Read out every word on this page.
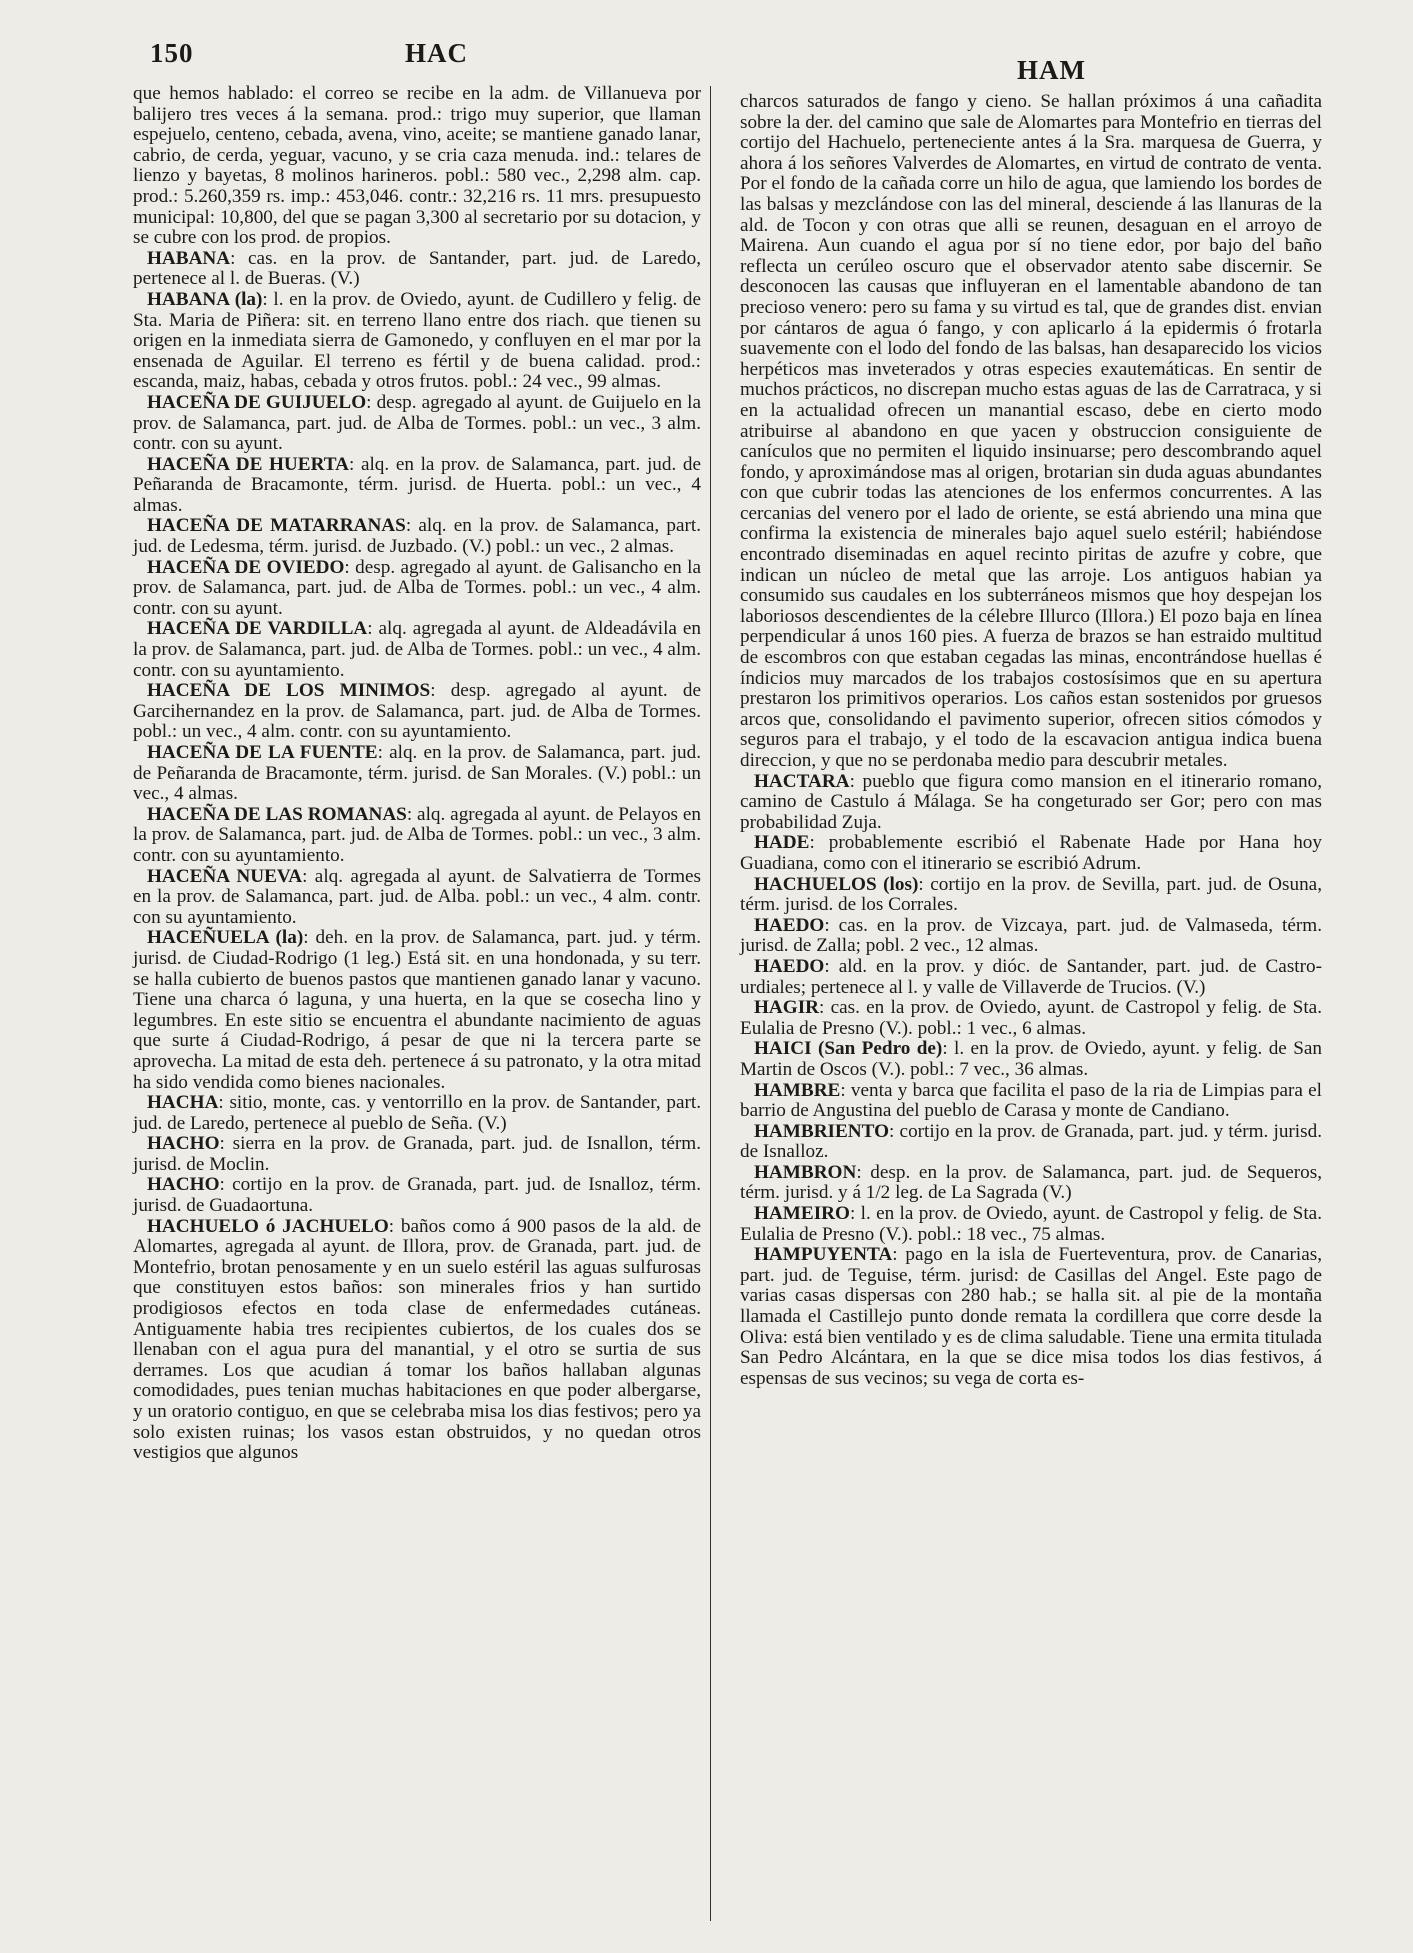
150	HAC
HAM

que hemos hablado: el correo se recibe en la adm. de Villanueva por balijero tres veces á la semana. prod.: trigo muy superior, que llaman espejuelo, centeno, cebada, avena, vino, aceite; se mantiene ganado lanar, cabrio, de cerda, yeguar, vacuno, y se cria caza menuda. ind.: telares de lienzo y bayetas, 8 molinos harineros. pobl.: 580 vec., 2,298 alm. cap. prod.: 5.260,359 rs. imp.: 453,046. contr.: 32,216 rs. 11 mrs. presupuesto municipal: 10,800, del que se pagan 3,300 al secretario por su dotacion, y se cubre con los prod. de propios.

HABANA: cas. en la prov. de Santander, part. jud. de Laredo, pertenece al l. de Bueras. (V.)

HABANA (la): l. en la prov. de Oviedo, ayunt. de Cudillero y felig. de Sta. Maria de Piñera: sit. en terreno llano entre dos riach. que tienen su origen en la inmediata sierra de Gamonedo, y confluyen en el mar por la ensenada de Aguilar. El terreno es fértil y de buena calidad. prod.: escanda, maiz, habas, cebada y otros frutos. pobl.: 24 vec., 99 almas.

HACEÑA DE GUIJUELO: desp. agregado al ayunt. de Guijuelo en la prov. de Salamanca, part. jud. de Alba de Tormes. pobl.: un vec., 3 alm. contr. con su ayunt.

HACEÑA DE HUERTA: alq. en la prov. de Salamanca, part. jud. de Peñaranda de Bracamonte, térm. jurisd. de Huerta. pobl.: un vec., 4 almas.

HACEÑA DE MATARRANAS: alq. en la prov. de Salamanca, part. jud. de Ledesma, térm. jurisd. de Juzbado. (V.) pobl.: un vec., 2 almas.

HACEÑA DE OVIEDO: desp. agregado al ayunt. de Galisancho en la prov. de Salamanca, part. jud. de Alba de Tormes. pobl.: un vec., 4 alm. contr. con su ayunt.

HACEÑA DE VARDILLA: alq. agregada al ayunt. de Aldeadávila en la prov. de Salamanca, part. jud. de Alba de Tormes. pobl.: un vec., 4 alm. contr. con su ayuntamiento.

HACEÑA DE LOS MINIMOS: desp. agregado al ayunt. de Garcihernandez en la prov. de Salamanca, part. jud. de Alba de Tormes. pobl.: un vec., 4 alm. contr. con su ayuntamiento.

HACEÑA DE LA FUENTE: alq. en la prov. de Salamanca, part. jud. de Peñaranda de Bracamonte, térm. jurisd. de San Morales. (V.) pobl.: un vec., 4 almas.

HACEÑA DE LAS ROMANAS: alq. agregada al ayunt. de Pelayos en la prov. de Salamanca, part. jud. de Alba de Tormes. pobl.: un vec., 3 alm. contr. con su ayuntamiento.

HACEÑA NUEVA: alq. agregada al ayunt. de Salvatierra de Tormes en la prov. de Salamanca, part. jud. de Alba. pobl.: un vec., 4 alm. contr. con su ayuntamiento.

HACEÑUELA (la): deh. en la prov. de Salamanca, part. jud. y térm. jurisd. de Ciudad-Rodrigo (1 leg.) Está sit. en una hondonada, y su terr. se halla cubierto de buenos pastos que mantienen ganado lanar y vacuno. Tiene una charca ó laguna, y una huerta, en la que se cosecha lino y legumbres. En este sitio se encuentra el abundante nacimiento de aguas que surte á Ciudad-Rodrigo, á pesar de que ni la tercera parte se aprovecha. La mitad de esta deh. pertenece á su patronato, y la otra mitad ha sido vendida como bienes nacionales.

HACHA: sitio, monte, cas. y ventorrillo en la prov. de Santander, part. jud. de Laredo, pertenece al pueblo de Seña. (V.)

HACHO: sierra en la prov. de Granada, part. jud. de Isnallon, térm. jurisd. de Moclin.

HACHO: cortijo en la prov. de Granada, part. jud. de Isnalloz, térm. jurisd. de Guadaortuna.

HACHUELO ó JACHUELO: baños como á 900 pasos de la ald. de Alomartes, agregada al ayunt. de Illora, prov. de Granada, part. jud. de Montefrio, brotan penosamente y en un suelo estéril las aguas sulfurosas que constituyen estos baños: son minerales frios y han surtido prodigiosos efectos en toda clase de enfermedades cutáneas. Antiguamente habia tres recipientes cubiertos, de los cuales dos se llenaban con el agua pura del manantial, y el otro se surtia de sus derrames. Los que acudian á tomar los baños hallaban algunas comodidades, pues tenian muchas habitaciones en que poder albergarse, y un oratorio contiguo, en que se celebraba misa los dias festivos; pero ya solo existen ruinas; los vasos estan obstruidos, y no quedan otros vestigios que algunos

charcos saturados de fango y cieno. Se hallan próximos á una cañadita sobre la der. del camino que sale de Alomartes para Montefrio en tierras del cortijo del Hachuelo, perteneciente antes á la Sra. marquesa de Guerra, y ahora á los señores Valverdes de Alomartes, en virtud de contrato de venta. Por el fondo de la cañada corre un hilo de agua, que lamiendo los bordes de las balsas y mezclándose con las del mineral, desciende á las llanuras de la ald. de Tocon y con otras que alli se reunen, desaguan en el arroyo de Mairena. Aun cuando el agua por sí no tiene edor, por bajo del baño reflecta un cerúleo oscuro que el observador atento sabe discernir. Se desconocen las causas que influyeran en el lamentable abandono de tan precioso venero: pero su fama y su virtud es tal, que de grandes dist. envian por cántaros de agua ó fango, y con aplicarlo á la epidermis ó frotarla suavemente con el lodo del fondo de las balsas, han desaparecido los vicios herpéticos mas inveterados y otras especies exautemáticas. En sentir de muchos prácticos, no discrepan mucho estas aguas de las de Carratraca, y si en la actualidad ofrecen un manantial escaso, debe en cierto modo atribuirse al abandono en que yacen y obstruccion consiguiente de canículos que no permiten el liquido insinuarse; pero descombrando aquel fondo, y aproximándose mas al origen, brotarian sin duda aguas abundantes con que cubrir todas las atenciones de los enfermos concurrentes. A las cercanias del venero por el lado de oriente, se está abriendo una mina que confirma la existencia de minerales bajo aquel suelo estéril; habiéndose encontrado diseminadas en aquel recinto piritas de azufre y cobre, que indican un núcleo de metal que las arroje. Los antiguos habian ya consumido sus caudales en los subterráneos mismos que hoy despejan los laboriosos descendientes de la célebre Illurco (Illora.) El pozo baja en línea perpendicular á unos 160 pies. A fuerza de brazos se han estraido multitud de escombros con que estaban cegadas las minas, encontrándose huellas é índicios muy marcados de los trabajos costosísimos que en su apertura prestaron los primitivos operarios. Los caños estan sostenidos por gruesos arcos que, consolidando el pavimento superior, ofrecen sitios cómodos y seguros para el trabajo, y el todo de la escavacion antigua indica buena direccion, y que no se perdonaba medio para descubrir metales.

HACTARA: pueblo que figura como mansion en el itinerario romano, camino de Castulo á Málaga. Se ha congeturado ser Gor; pero con mas probabilidad Zuja.

HADE: probablemente escribió el Rabenate Hade por Hana hoy Guadiana, como con el itinerario se escribió Adrum.

HACHUELOS (los): cortijo en la prov. de Sevilla, part. jud. de Osuna, térm. jurisd. de los Corrales.

HAEDO: cas. en la prov. de Vizcaya, part. jud. de Valmaseda, térm. jurisd. de Zalla; pobl. 2 vec., 12 almas.

HAEDO: ald. en la prov. y dióc. de Santander, part. jud. de Castro-urdiales; pertenece al l. y valle de Villaverde de Trucios. (V.)

HAGIR: cas. en la prov. de Oviedo, ayunt. de Castropol y felig. de Sta. Eulalia de Presno (V.). pobl.: 1 vec., 6 almas.

HAICI (San Pedro de): l. en la prov. de Oviedo, ayunt. y felig. de San Martin de Oscos (V.). pobl.: 7 vec., 36 almas.

HAMBRE: venta y barca que facilita el paso de la ria de Limpias para el barrio de Angustina del pueblo de Carasa y monte de Candiano.

HAMBRIENTO: cortijo en la prov. de Granada, part. jud. y térm. jurisd. de Isnalloz.

HAMBRON: desp. en la prov. de Salamanca, part. jud. de Sequeros, térm. jurisd. y á 1/2 leg. de La Sagrada (V.)

HAMEIRO: l. en la prov. de Oviedo, ayunt. de Castropol y felig. de Sta. Eulalia de Presno (V.). pobl.: 18 vec., 75 almas.

HAMPUYENTA: pago en la isla de Fuerteventura, prov. de Canarias, part. jud. de Teguise, térm. jurisd: de Casillas del Angel. Este pago de varias casas dispersas con 280 hab.; se halla sit. al pie de la montaña llamada el Castillejo punto donde remata la cordillera que corre desde la Oliva: está bien ventilado y es de clima saludable. Tiene una ermita titulada San Pedro Alcántara, en la que se dice misa todos los dias festivos, á espensas de sus vecinos; su vega de corta es-
